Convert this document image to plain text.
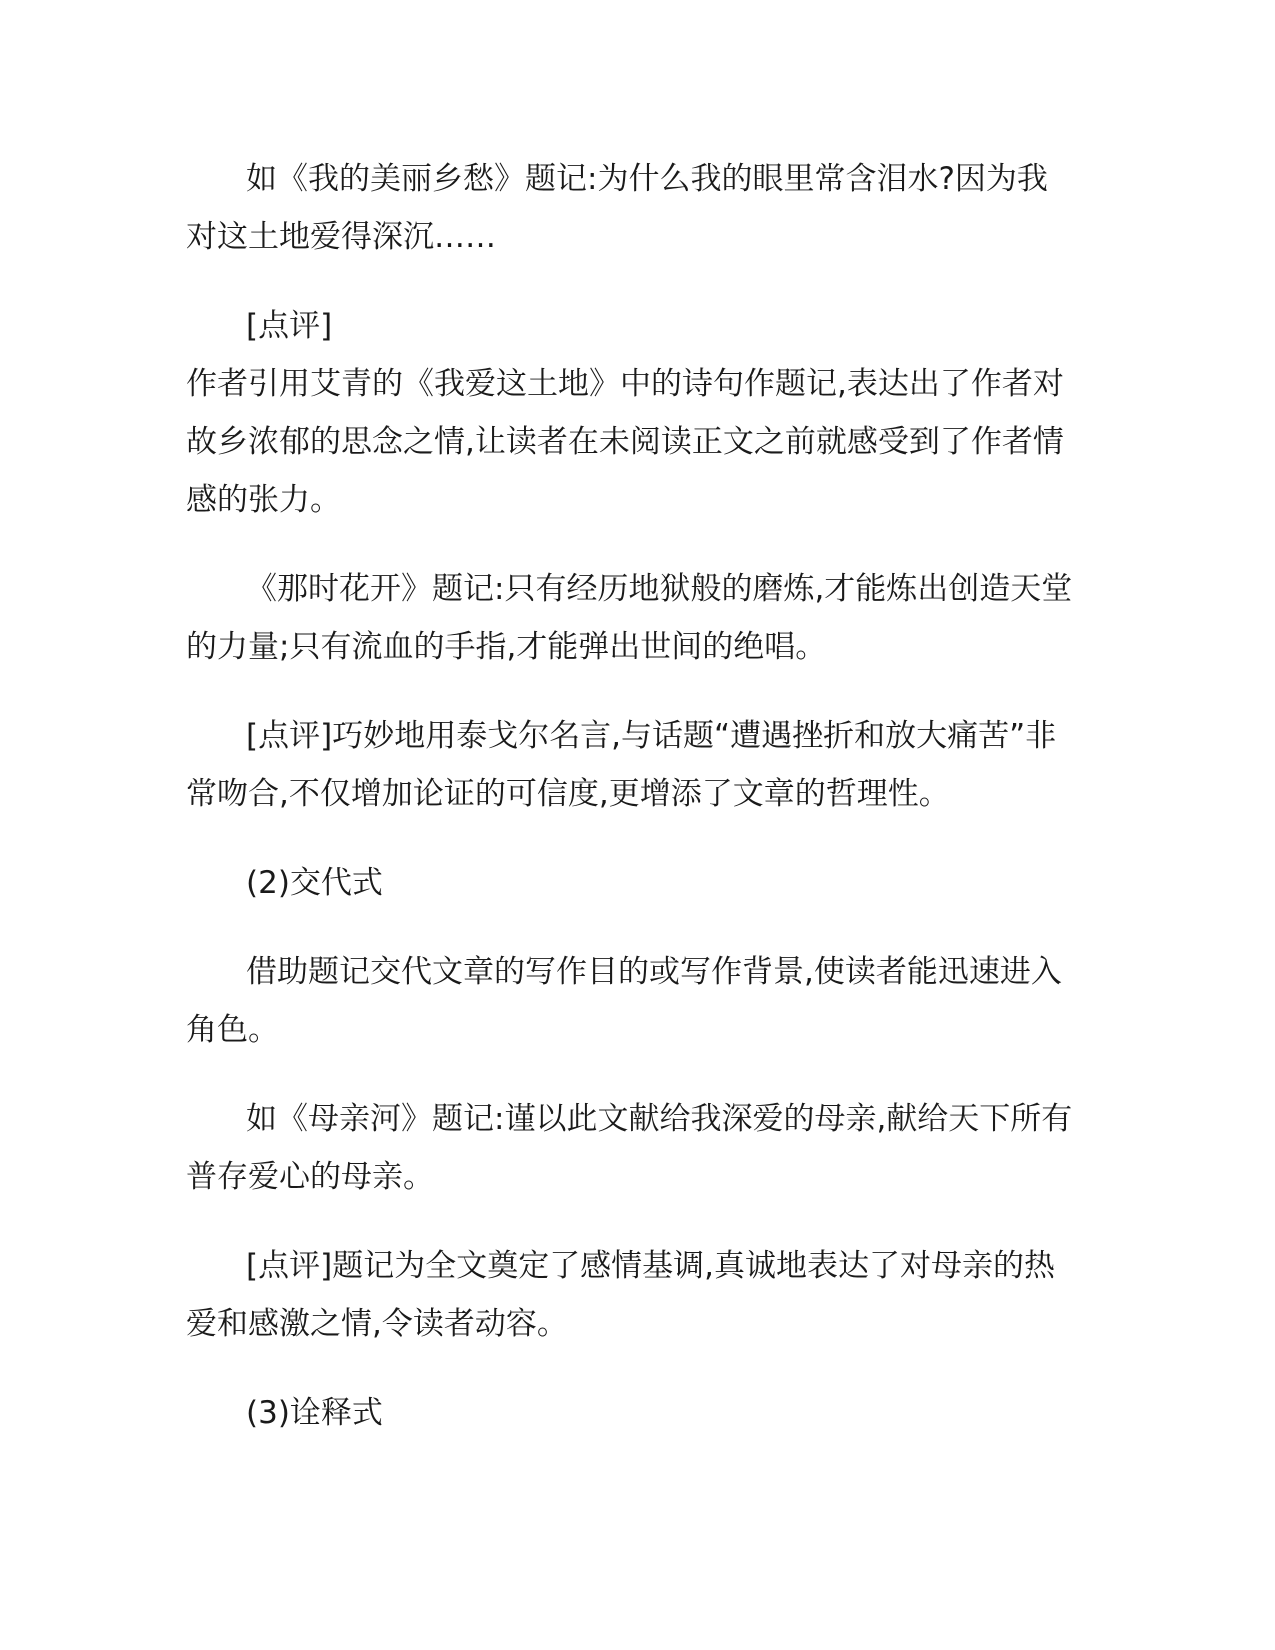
如《我的美丽乡愁》题记:为什么我的眼里常含泪水?因为我对这土地爱得深沉……

[点评]

作者引用艾青的《我爱这土地》中的诗句作题记,表达出了作者对故乡浓郁的思念之情,让读者在未阅读正文之前就感受到了作者情感的张力。

《那时花开》题记:只有经历地狱般的磨炼,才能炼出创造天堂的力量;只有流血的手指,才能弹出世间的绝唱。

[点评]巧妙地用泰戈尔名言,与话题“遭遇挫折和放大痛苦”非常吻合,不仅增加论证的可信度,更增添了文章的哲理性。

(2)交代式

借助题记交代文章的写作目的或写作背景,使读者能迅速进入角色。

如《母亲河》题记:谨以此文献给我深爱的母亲,献给天下所有普存爱心的母亲。

[点评]题记为全文奠定了感情基调,真诚地表达了对母亲的热爱和感激之情,令读者动容。

(3)诠释式
